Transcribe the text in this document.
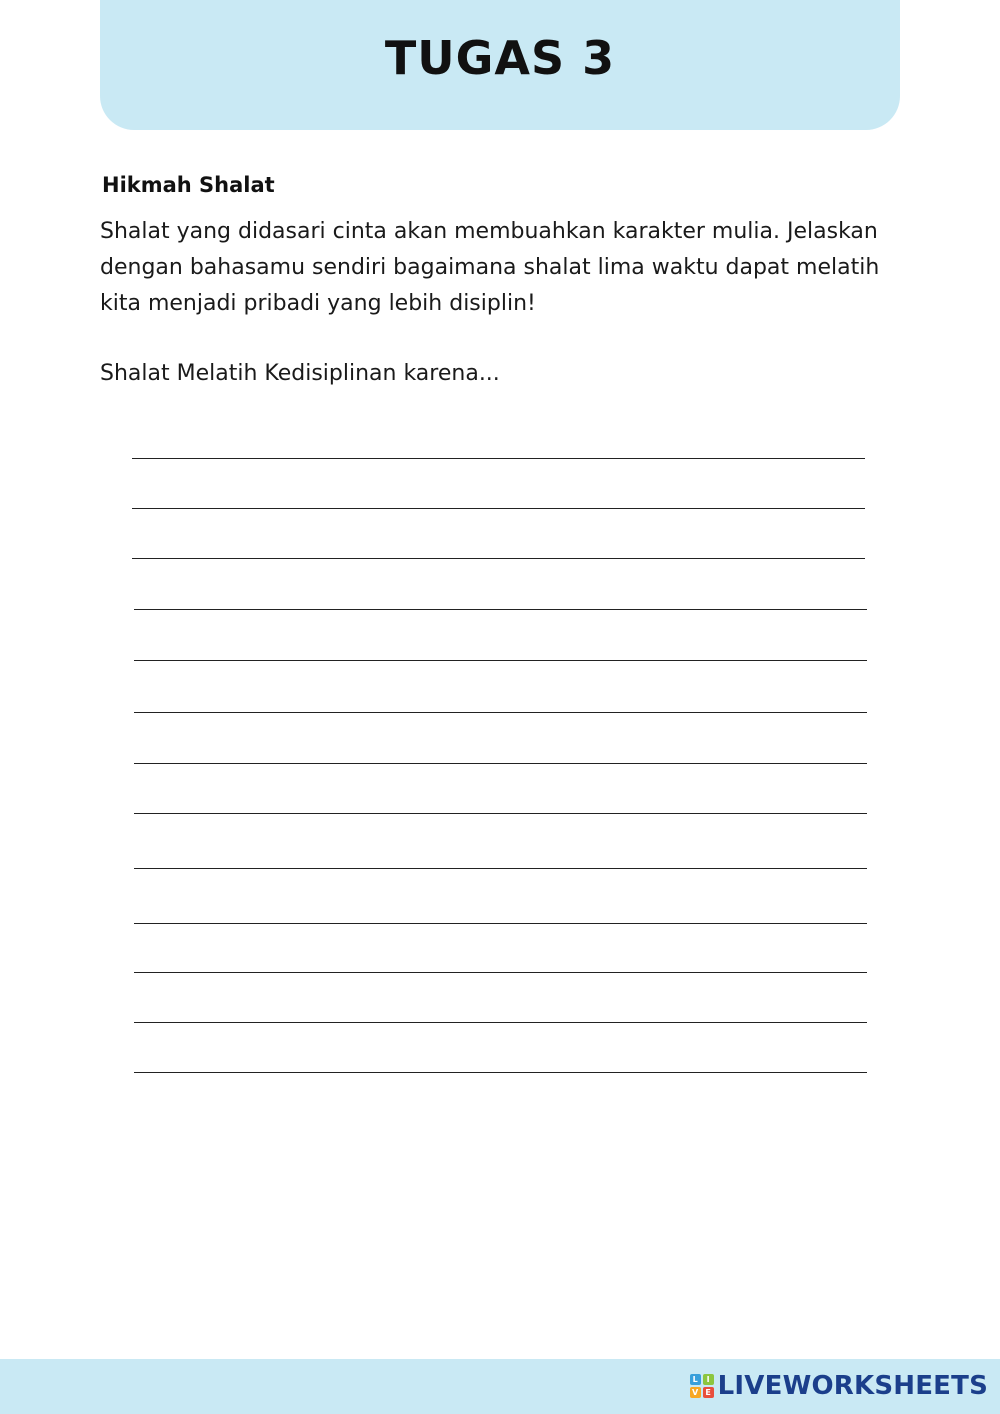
TUGAS 3
Hikmah Shalat
Shalat yang didasari cinta akan membuahkan karakter mulia. Jelaskan dengan bahasamu sendiri bagaimana shalat lima waktu dapat melatih kita menjadi pribadi yang lebih disiplin!
Shalat Melatih Kedisiplinan karena...
L	I
V E LIVEWORKSHEETS
